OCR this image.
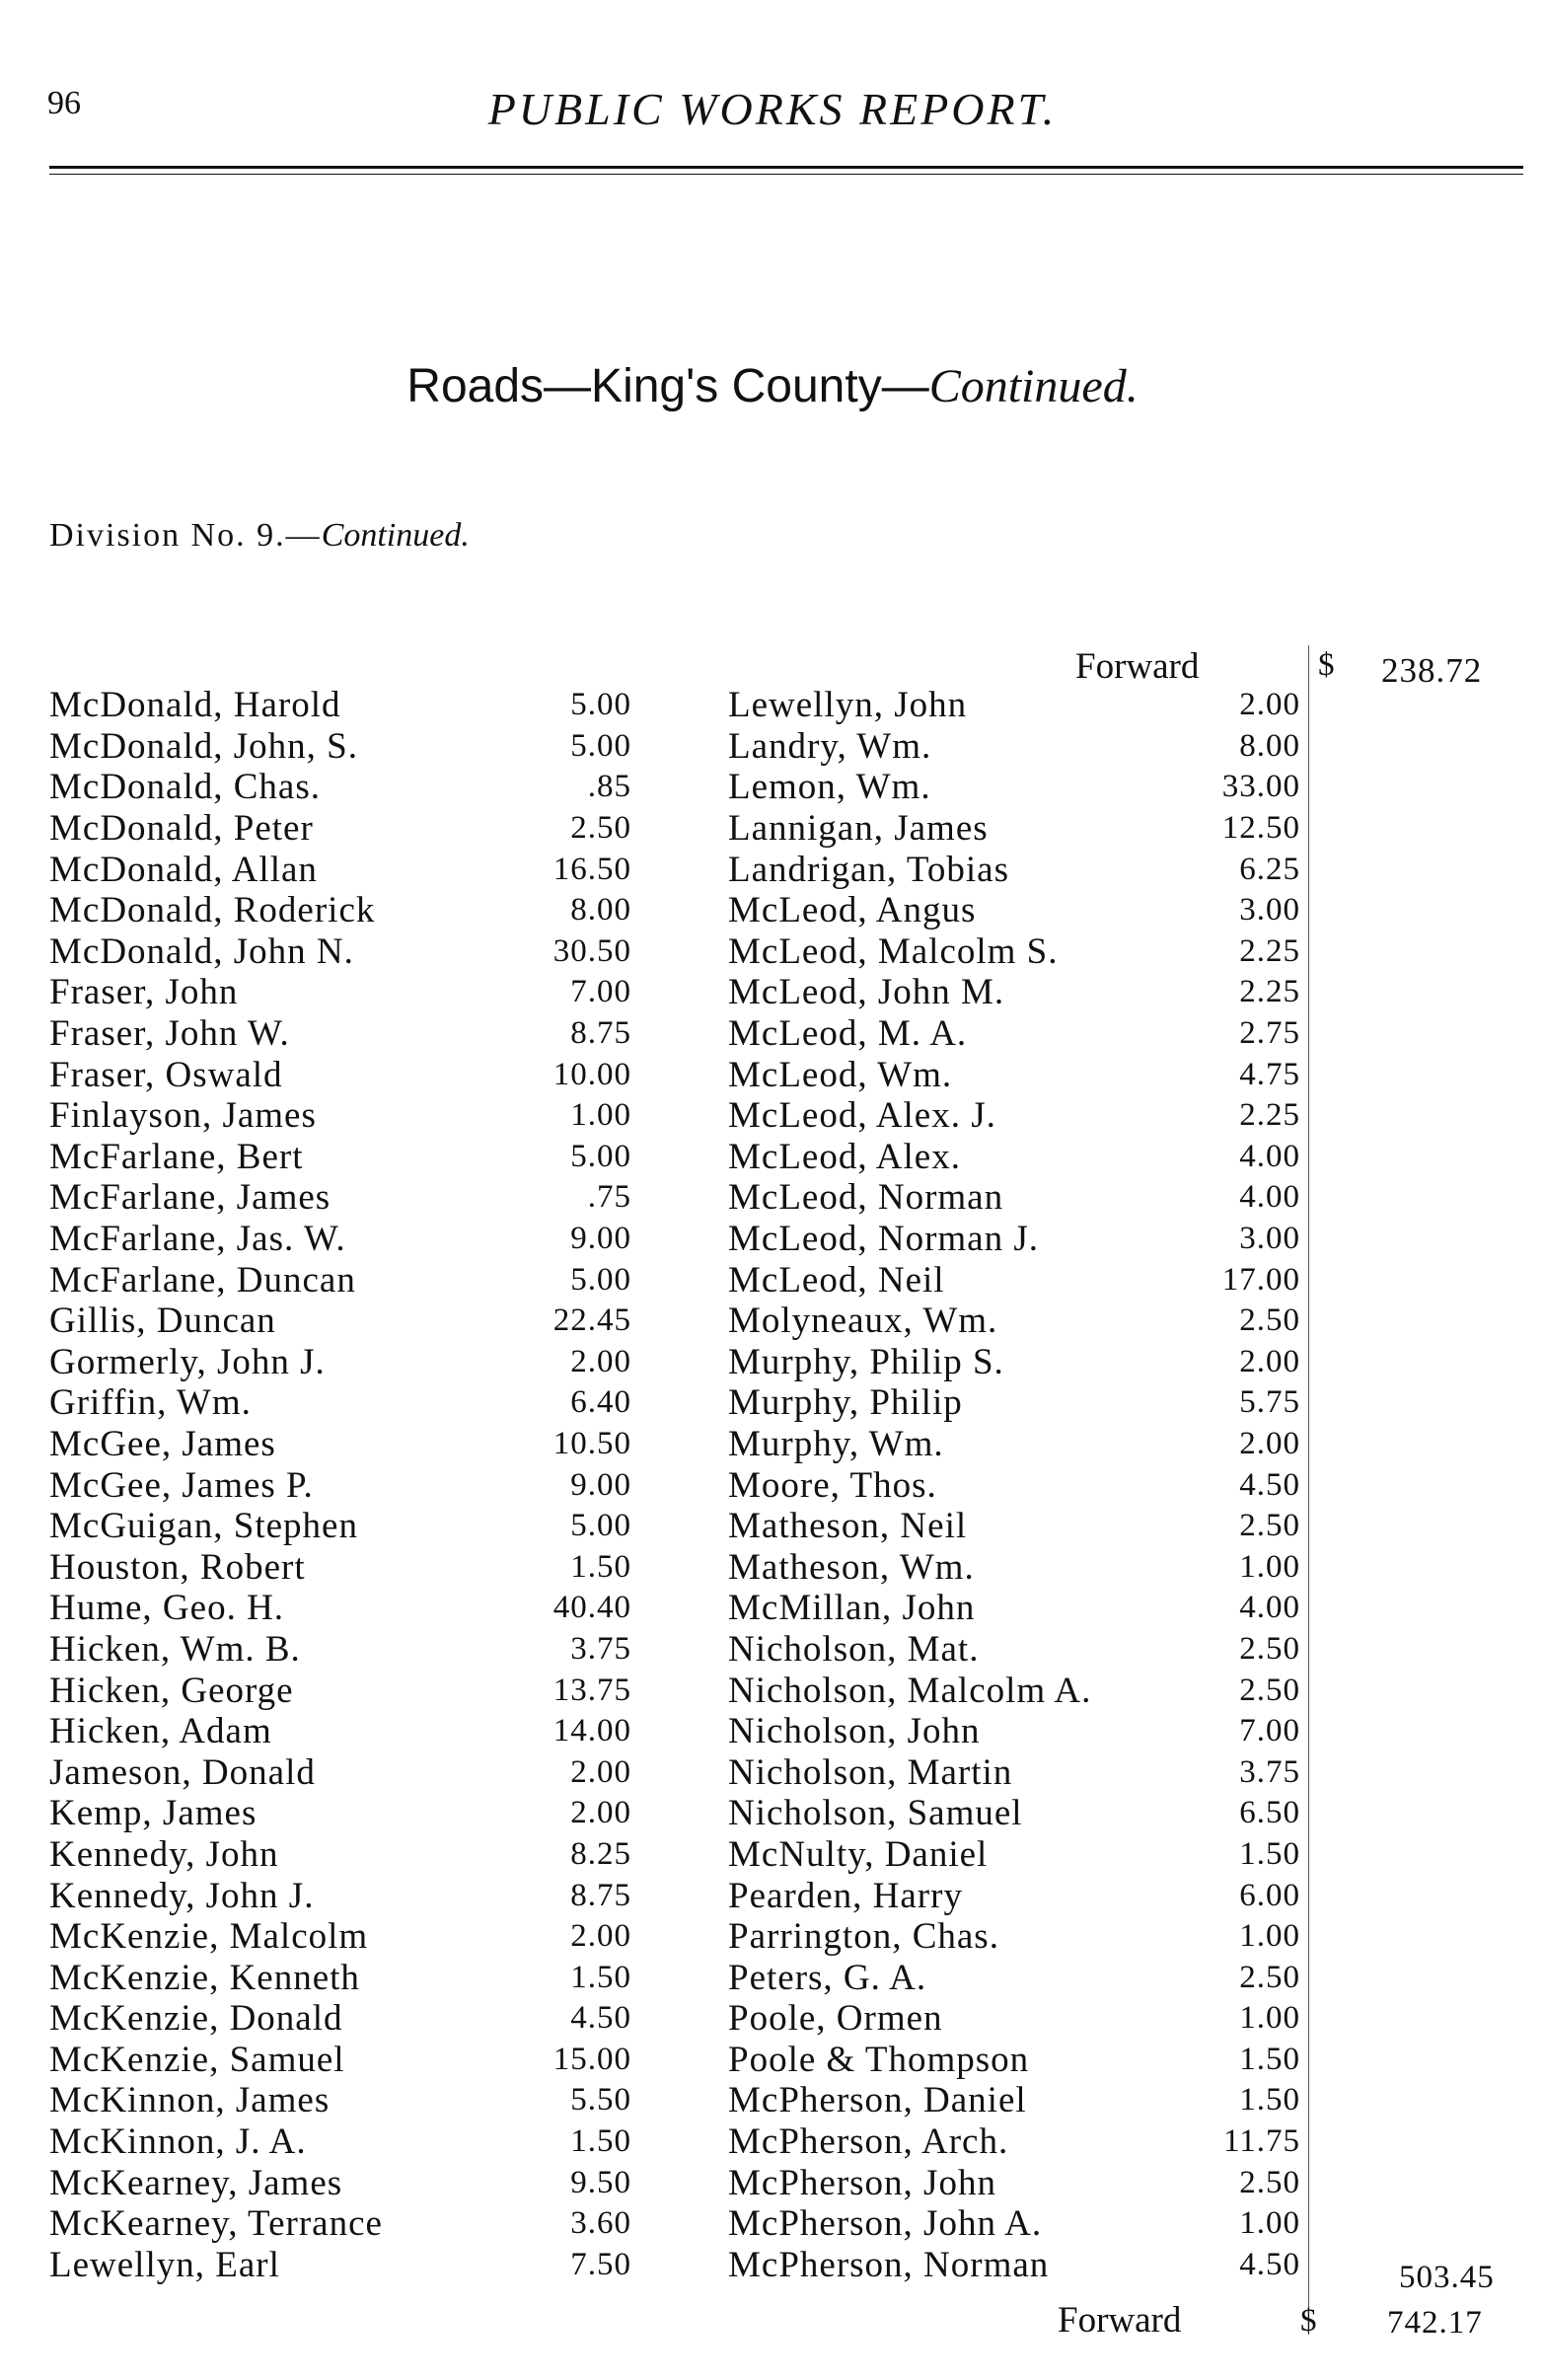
96	PUBLIC WORKS REPORT.
Roads—King's County—Continued.
Division No. 9.—Continued.
Forward	$ 238.72
McDonald, Harold	5.00
McDonald, John, S.	5.00
McDonald, Chas.	.85
McDonald, Peter	2.50
McDonald, Allan	16.50
McDonald, Roderick	8.00
McDonald, John N.	30.50
Fraser, John	7.00
Fraser, John W.	8.75
Fraser, Oswald	10.00
Finlayson, James	1.00
McFarlane, Bert	5.00
McFarlane, James	.75
McFarlane, Jas. W.	9.00
McFarlane, Duncan	5.00
Gillis, Duncan	22.45
Gormerly, John J.	2.00
Griffin, Wm.	6.40
McGee, James	10.50
McGee, James P.	9.00
McGuigan, Stephen	5.00
Houston, Robert	1.50
Hume, Geo. H.	40.40
Hicken, Wm. B.	3.75
Hicken, George	13.75
Hicken, Adam	14.00
Jameson, Donald	2.00
Kemp, James	2.00
Kennedy, John	8.25
Kennedy, John J.	8.75
McKenzie, Malcolm	2.00
McKenzie, Kenneth	1.50
McKenzie, Donald	4.50
McKenzie, Samuel	15.00
McKinnon, James	5.50
McKinnon, J. A.	1.50
McKearney, James	9.50
McKearney, Terrance	3.60
Lewellyn, Earl	7.50
Lewellyn, John	2.00
Landry, Wm.	8.00
Lemon, Wm.	33.00
Lannigan, James	12.50
Landrigan, Tobias	6.25
McLeod, Angus	3.00
McLeod, Malcolm S.	2.25
McLeod, John M.	2.25
McLeod, M. A.	2.75
McLeod, Wm.	4.75
McLeod, Alex. J.	2.25
McLeod, Alex.	4.00
McLeod, Norman	4.00
McLeod, Norman J.	3.00
McLeod, Neil	17.00
Molyneaux, Wm.	2.50
Murphy, Philip S.	2.00
Murphy, Philip	5.75
Murphy, Wm.	2.00
Moore, Thos.	4.50
Matheson, Neil	2.50
Matheson, Wm.	1.00
McMillan, John	4.00
Nicholson, Mat.	2.50
Nicholson, Malcolm A.	2.50
Nicholson, John	7.00
Nicholson, Martin	3.75
Nicholson, Samuel	6.50
McNulty, Daniel	1.50
Pearden, Harry	6.00
Parrington, Chas.	1.00
Peters, G. A.	2.50
Poole, Ormen	1.00
Poole & Thompson	1.50
McPherson, Daniel	1.50
McPherson, Arch.	11.75
McPherson, John	2.50
McPherson, John A.	1.00
McPherson, Norman	4.50	503.45
Forward	$ 742.17
